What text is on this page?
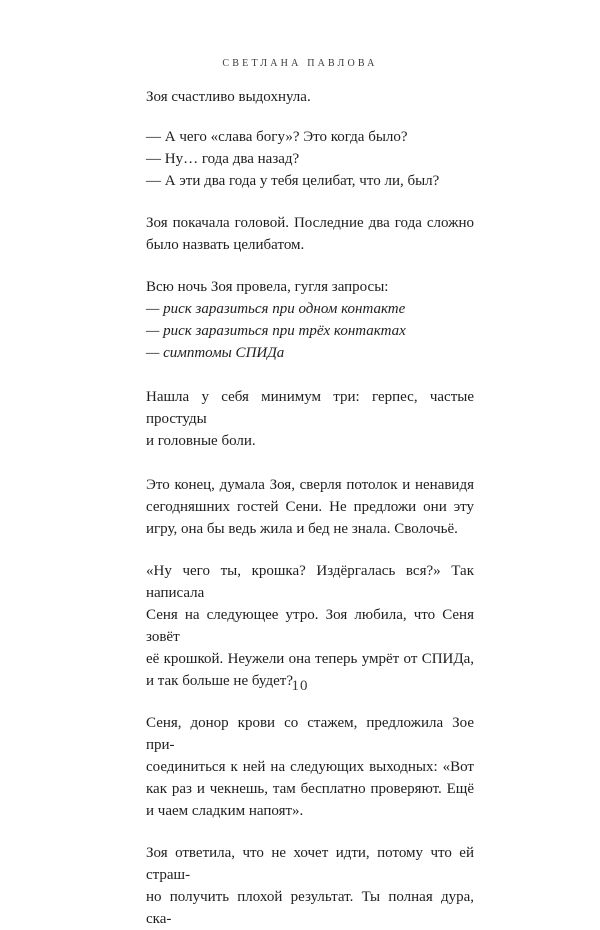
СВЕТЛАНА ПАВЛОВА

Зоя счастливо выдохнула.

— А чего «слава богу»? Это когда было?
— Ну… года два назад?
— А эти два года у тебя целибат, что ли, был?

Зоя покачала головой. Последние два года сложно
было назвать целибатом.

Всю ночь Зоя провела, гугля запросы:
— риск заразиться при одном контакте
— риск заразиться при трёх контактах
— симптомы СПИДа

Нашла у себя минимум три: герпес, частые простуды
и головные боли.

Это конец, думала Зоя, сверля потолок и ненавидя
сегодняшних гостей Сени. Не предложи они эту
игру, она бы ведь жила и бед не знала. Сволочьё.

«Ну чего ты, крошка? Издёргалась вся?» Так написала
Сеня на следующее утро. Зоя любила, что Сеня зовёт
её крошкой. Неужели она теперь умрёт от СПИДа,
и так больше не будет?

Сеня, донор крови со стажем, предложила Зое при-
соединиться к ней на следующих выходных: «Вот
как раз и чекнешь, там бесплатно проверяют. Ещё
и чаем сладким напоят».

Зоя ответила, что не хочет идти, потому что ей страш-
но получить плохой результат. Ты полная дура, ска-

10
